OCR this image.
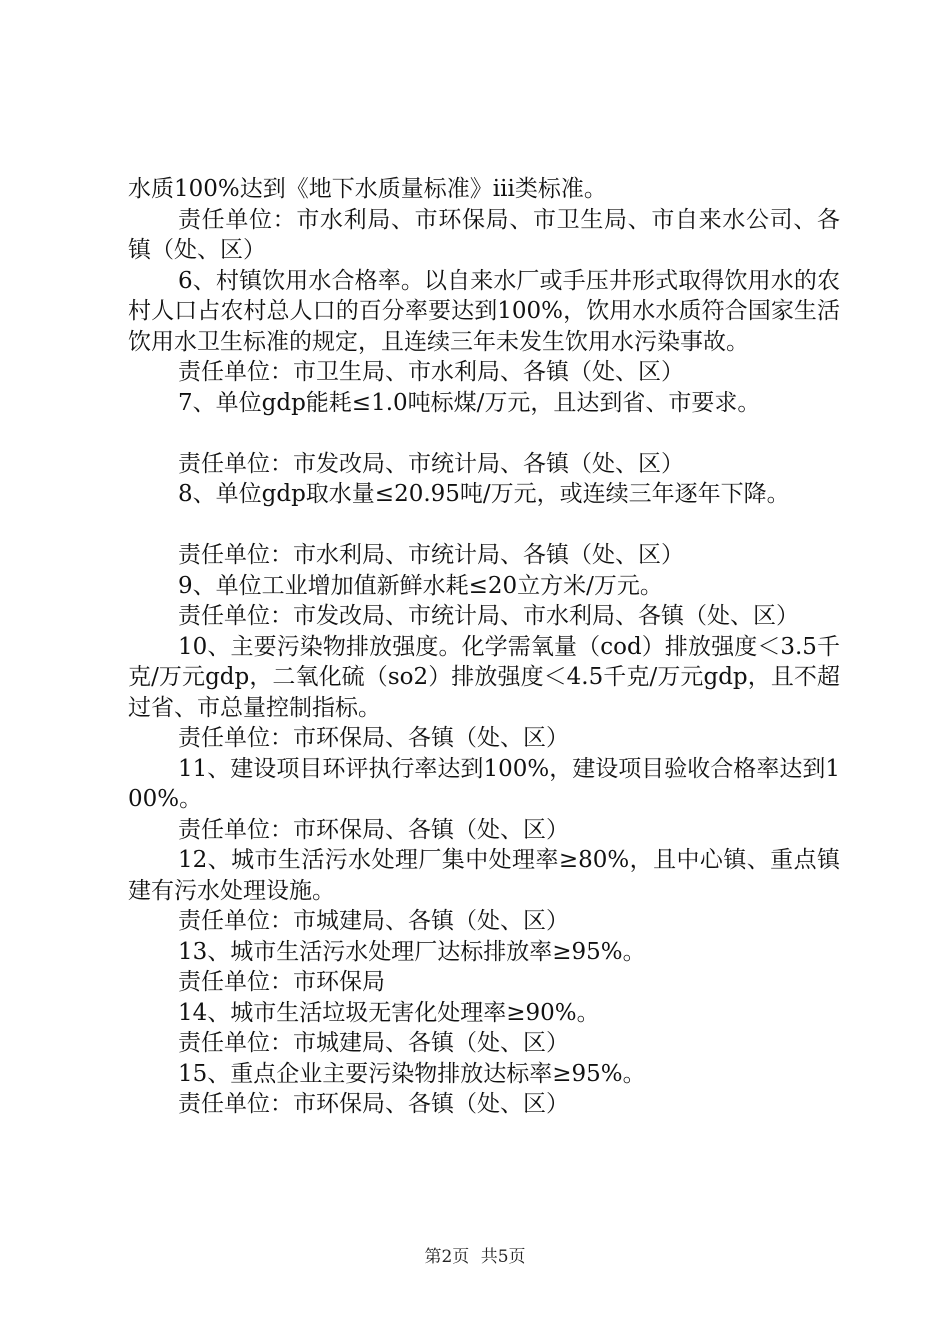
水质100%达到《地下水质量标准》iii类标准。

责任单位：市水利局、市环保局、市卫生局、市自来水公司、各镇（处、区）

6、村镇饮用水合格率。以自来水厂或手压井形式取得饮用水的农村人口占农村总人口的百分率要达到100%，饮用水水质符合国家生活饮用水卫生标准的规定，且连续三年未发生饮用水污染事故。

责任单位：市卫生局、市水利局、各镇（处、区）

7、单位gdp能耗≤1.0吨标煤/万元，且达到省、市要求。

责任单位：市发改局、市统计局、各镇（处、区）

8、单位gdp取水量≤20.95吨/万元，或连续三年逐年下降。

责任单位：市水利局、市统计局、各镇（处、区）

9、单位工业增加值新鲜水耗≤20立方米/万元。

责任单位：市发改局、市统计局、市水利局、各镇（处、区）

10、主要污染物排放强度。化学需氧量（cod）排放强度＜3.5千克/万元gdp，二氧化硫（so2）排放强度＜4.5千克/万元gdp，且不超过省、市总量控制指标。

责任单位：市环保局、各镇（处、区）

11、建设项目环评执行率达到100%，建设项目验收合格率达到100%。

责任单位：市环保局、各镇（处、区）

12、城市生活污水处理厂集中处理率≥80%，且中心镇、重点镇建有污水处理设施。

责任单位：市城建局、各镇（处、区）

13、城市生活污水处理厂达标排放率≥95%。

责任单位：市环保局

14、城市生活垃圾无害化处理率≥90%。

责任单位：市城建局、各镇（处、区）

15、重点企业主要污染物排放达标率≥95%。

责任单位：市环保局、各镇（处、区）

第2页 共5页
